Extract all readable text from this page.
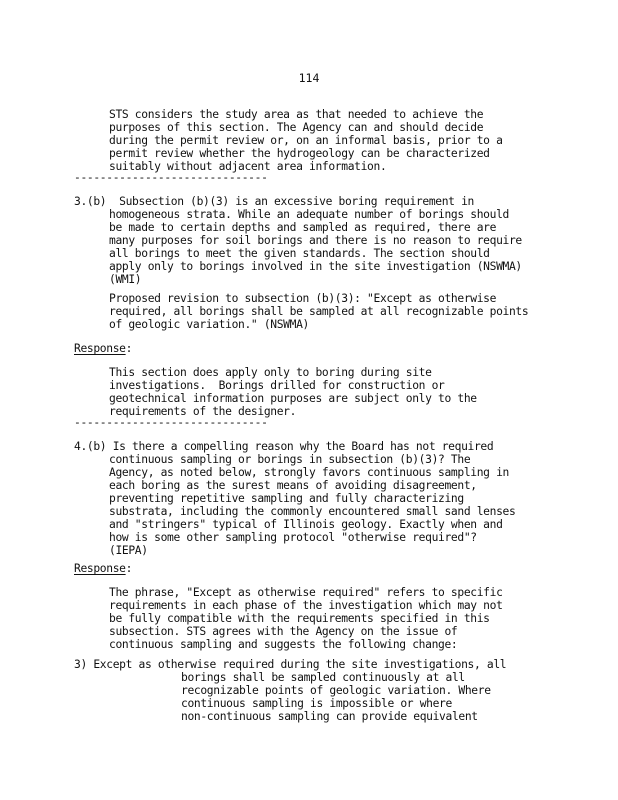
114
STS considers the study area as that needed to achieve the
purposes of this section. The Agency can and should decide
during the permit review or, on an informal basis, prior to a
permit review whether the hydrogeology can be characterized
suitably without adjacent area information.
------------------------------
3.(b)  Subsection (b)(3) is an excessive boring requirement in
homogeneous strata. While an adequate number of borings should
be made to certain depths and sampled as required, there are
many purposes for soil borings and there is no reason to require
all borings to meet the given standards. The section should
apply only to borings involved in the site investigation (NSWMA)
(WMI)
Proposed revision to subsection (b)(3): "Except as otherwise
required, all borings shall be sampled at all recognizable points
of geologic variation." (NSWMA)
Response:
This section does apply only to boring during site
investigations.  Borings drilled for construction or
geotechnical information purposes are subject only to the
requirements of the designer.
------------------------------
4.(b) Is there a compelling reason why the Board has not required
continuous sampling or borings in subsection (b)(3)? The
Agency, as noted below, strongly favors continuous sampling in
each boring as the surest means of avoiding disagreement,
preventing repetitive sampling and fully characterizing
substrata, including the commonly encountered small sand lenses
and "stringers" typical of Illinois geology. Exactly when and
how is some other sampling protocol "otherwise required"?
(IEPA)
Response:
The phrase, "Except as otherwise required" refers to specific
requirements in each phase of the investigation which may not
be fully compatible with the requirements specified in this
subsection. STS agrees with the Agency on the issue of
continuous sampling and suggests the following change:
3) Except as otherwise required during the site investigations, all
borings shall be sampled continuously at all
recognizable points of geologic variation. Where
continuous sampling is impossible or where
non-continuous sampling can provide equivalent
